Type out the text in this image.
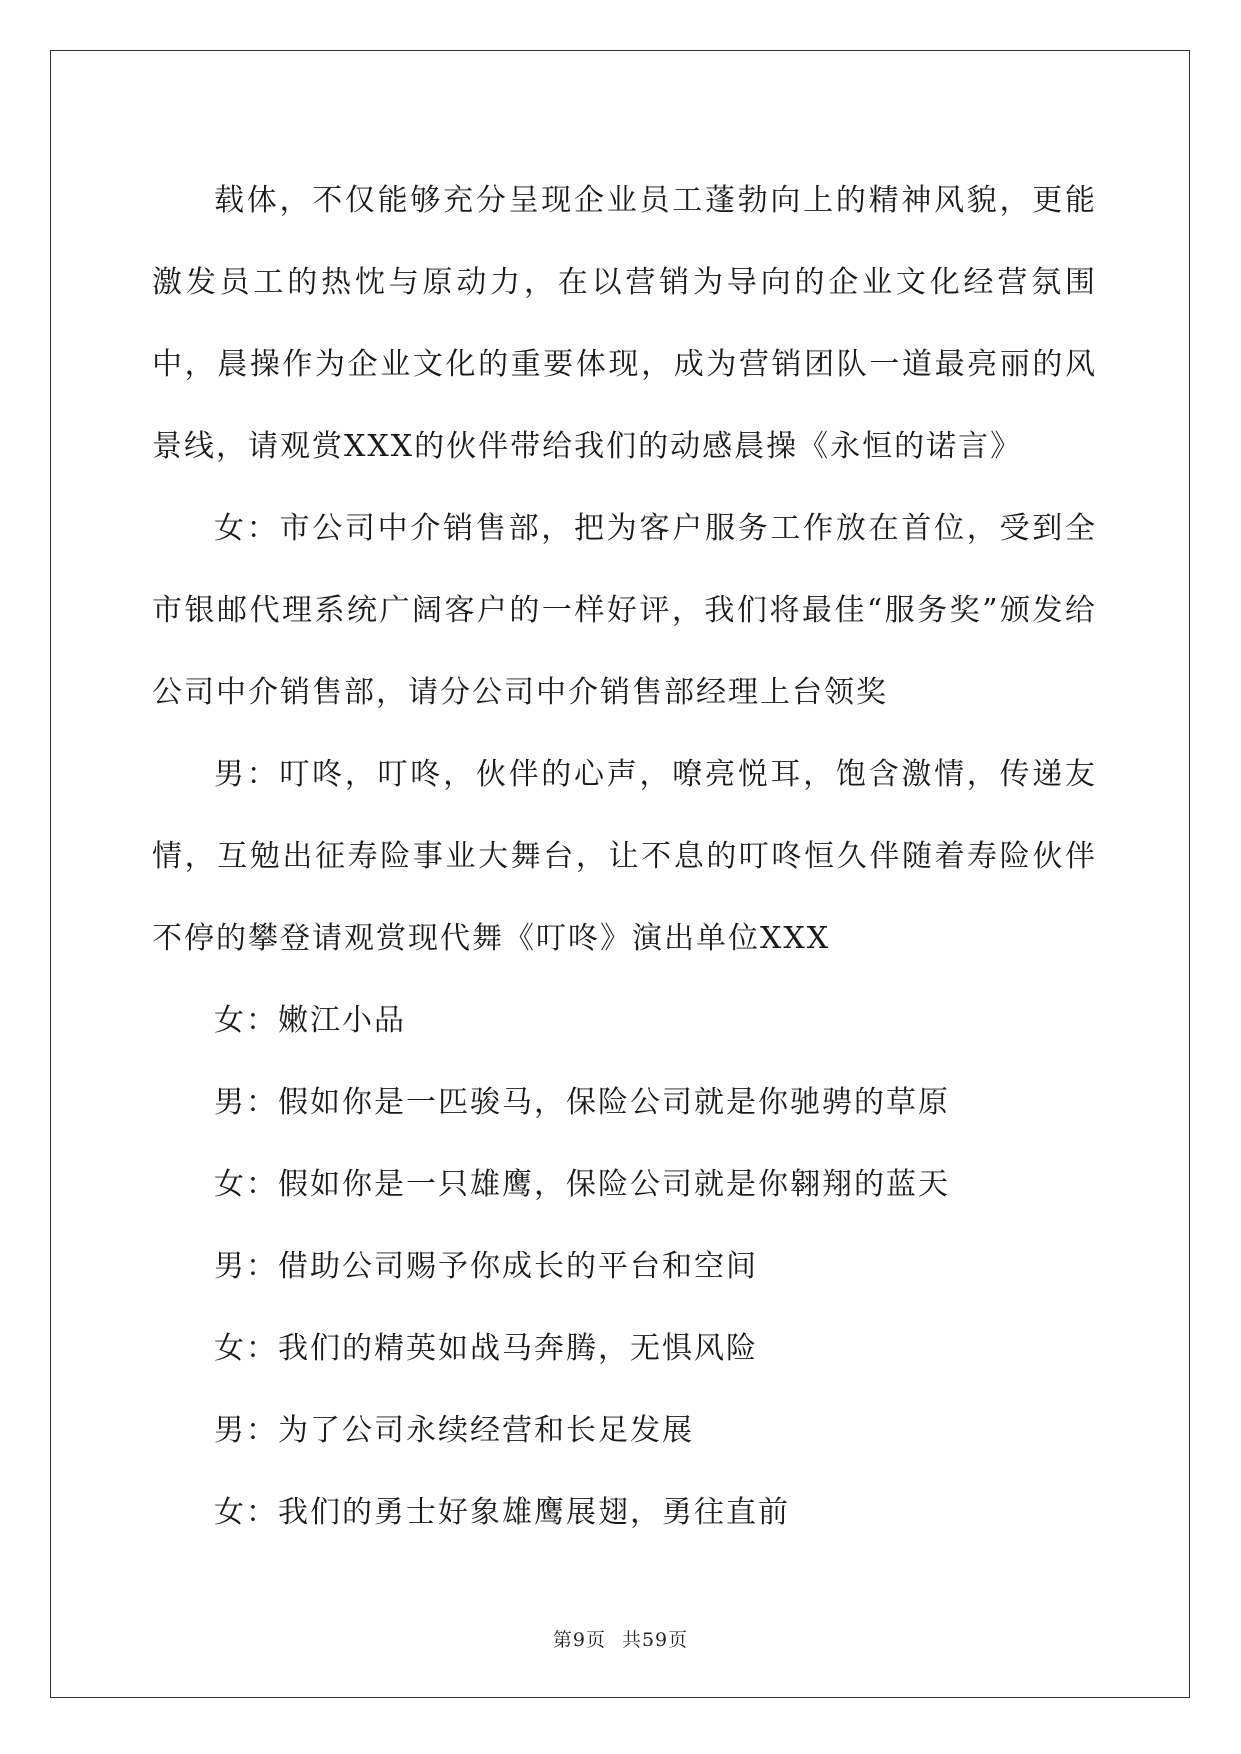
载体，不仅能够充分呈现企业员工蓬勃向上的精神风貌，更能激发员工的热忱与原动力，在以营销为导向的企业文化经营氛围中，晨操作为企业文化的重要体现，成为营销团队一道最亮丽的风景线，请观赏XXX的伙伴带给我们的动感晨操《永恒的诺言》

女：市公司中介销售部，把为客户服务工作放在首位，受到全市银邮代理系统广阔客户的一样好评，我们将最佳“服务奖”颁发给公司中介销售部，请分公司中介销售部经理上台领奖

男：叮咚，叮咚，伙伴的心声，嘹亮悦耳，饱含激情，传递友情，互勉出征寿险事业大舞台，让不息的叮咚恒久伴随着寿险伙伴不停的攀登请观赏现代舞《叮咚》演出单位XXX

女：嫩江小品

男：假如你是一匹骏马，保险公司就是你驰骋的草原

女：假如你是一只雄鹰，保险公司就是你翱翔的蓝天

男：借助公司赐予你成长的平台和空间

女：我们的精英如战马奔腾，无惧风险

男：为了公司永续经营和长足发展

女：我们的勇士好象雄鹰展翅，勇往直前

第9页 共59页
